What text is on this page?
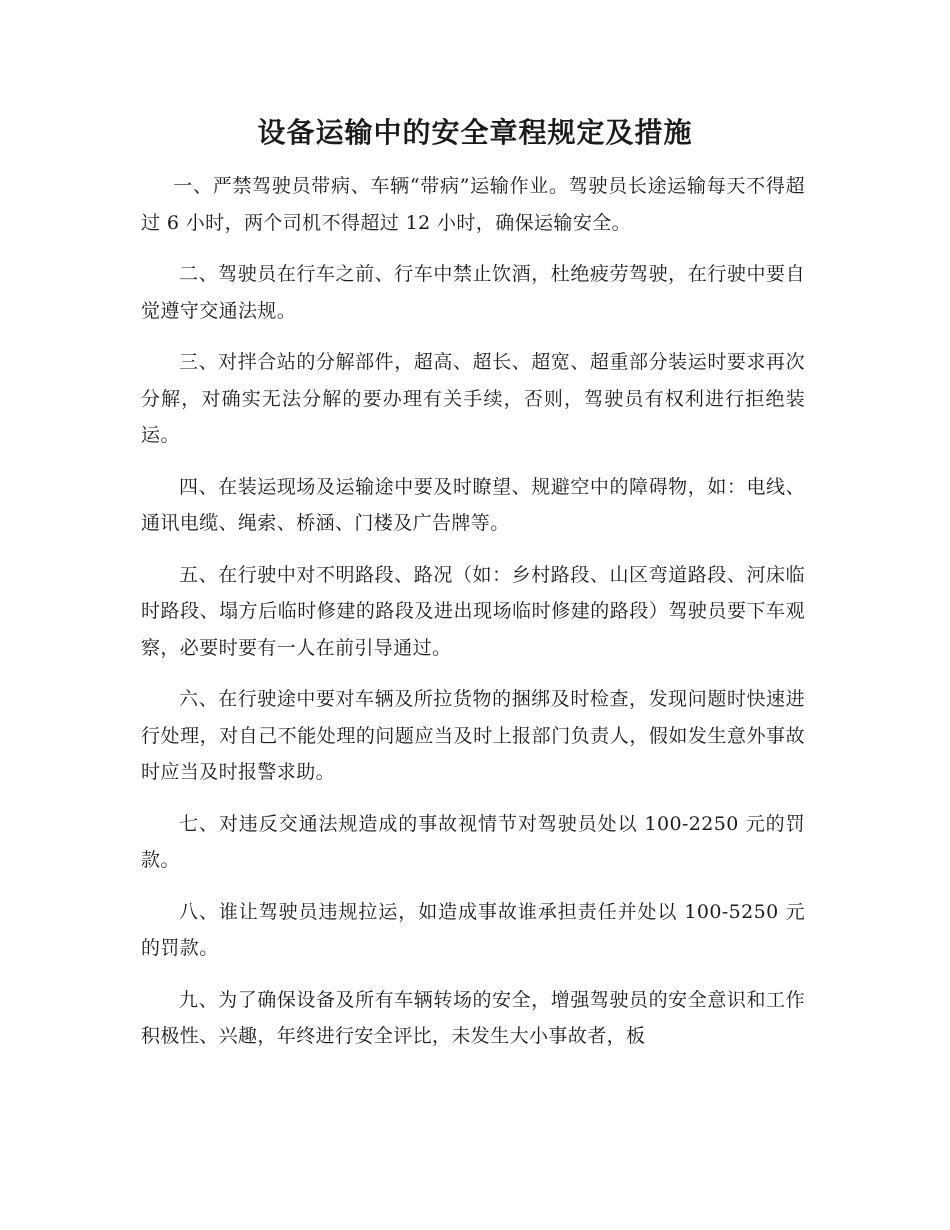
设备运输中的安全章程规定及措施

一、严禁驾驶员带病、车辆“带病”运输作业。驾驶员长途运输每天不得超过 6 小时，两个司机不得超过 12 小时，确保运输安全。

二、驾驶员在行车之前、行车中禁止饮酒，杜绝疲劳驾驶，在行驶中要自觉遵守交通法规。

三、对拌合站的分解部件，超高、超长、超宽、超重部分装运时要求再次分解，对确实无法分解的要办理有关手续，否则，驾驶员有权利进行拒绝装运。

四、在装运现场及运输途中要及时瞭望、规避空中的障碍物，如：电线、通讯电缆、绳索、桥涵、门楼及广告牌等。

五、在行驶中对不明路段、路况（如：乡村路段、山区弯道路段、河床临时路段、塌方后临时修建的路段及进出现场临时修建的路段）驾驶员要下车观察，必要时要有一人在前引导通过。

六、在行驶途中要对车辆及所拉货物的捆绑及时检查，发现问题时快速进行处理，对自己不能处理的问题应当及时上报部门负责人，假如发生意外事故时应当及时报警求助。

七、对违反交通法规造成的事故视情节对驾驶员处以 100-2250 元的罚款。

八、谁让驾驶员违规拉运，如造成事故谁承担责任并处以 100-5250 元的罚款。

九、为了确保设备及所有车辆转场的安全，增强驾驶员的安全意识和工作积极性、兴趣，年终进行安全评比，未发生大小事故者，板
